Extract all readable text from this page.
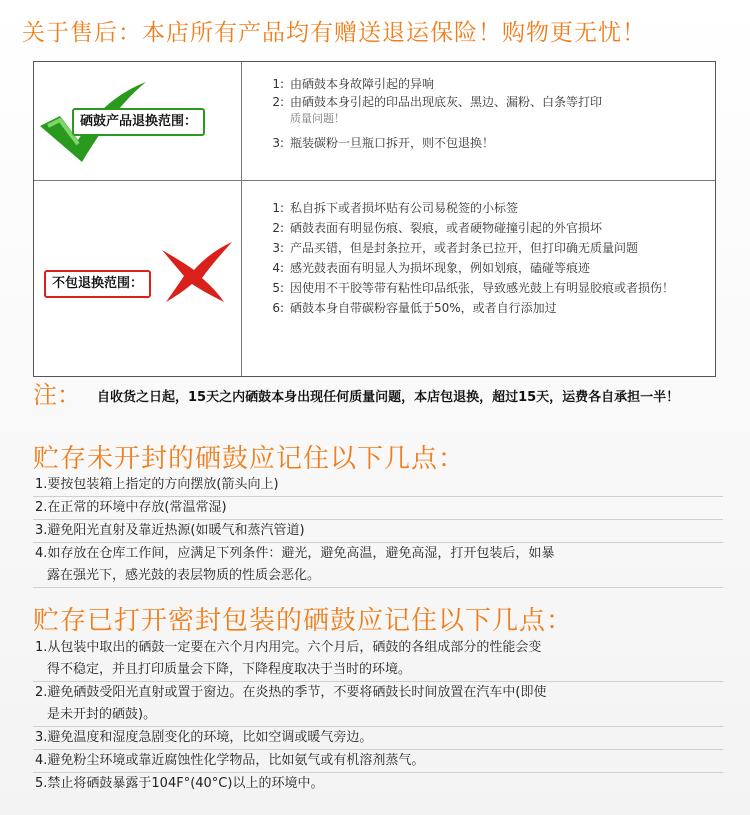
关于售后：本店所有产品均有赠送退运保险！购物更无忧！
硒鼓产品退换范围：
1: 由硒鼓本身故障引起的异响
2: 由硒鼓本身引起的印品出现底灰、黑边、漏粉、白条等打印
质量问题！
3: 瓶装碳粉一旦瓶口拆开，则不包退换！
不包退换范围：
1: 私自拆下或者损坏贴有公司易税签的小标签
2: 硒鼓表面有明显伤痕、裂痕，或者硬物碰撞引起的外官损坏
3: 产品买错，但是封条拉开，或者封条已拉开，但打印确无质量问题
4: 感光鼓表面有明显人为损坏现象，例如划痕，磕碰等痕迹
5: 因使用不干胶等带有粘性印品纸张，导致感光鼓上有明显胶痕或者损伤！
6: 硒鼓本身自带碳粉容量低于50%，或者自行添加过
注： 自收货之日起，15天之内硒鼓本身出现任何质量问题，本店包退换，超过15天，运费各自承担一半！
贮存未开封的硒鼓应记住以下几点：
1.要按包装箱上指定的方向摆放(箭头向上)
2.在正常的环境中存放(常温常湿)
3.避免阳光直射及靠近热源(如暖气和蒸汽管道)
4.如存放在仓库工作间，应满足下列条件：避光，避免高温，避免高湿，打开包装后，如暴
露在强光下，感光鼓的表层物质的性质会恶化。
贮存已打开密封包装的硒鼓应记住以下几点：
1.从包装中取出的硒鼓一定要在六个月内用完。六个月后，硒鼓的各组成部分的性能会变
得不稳定，并且打印质量会下降，下降程度取决于当时的环境。
2.避免硒鼓受阳光直射或置于窗边。在炎热的季节，不要将硒鼓长时间放置在汽车中(即使
是未开封的硒鼓)。
3.避免温度和湿度急剧变化的环境，比如空调或暖气旁边。
4.避免粉尘环境或靠近腐蚀性化学物品，比如氨气或有机溶剂蒸气。
5.禁止将硒鼓暴露于104F°(40°C)以上的环境中。
